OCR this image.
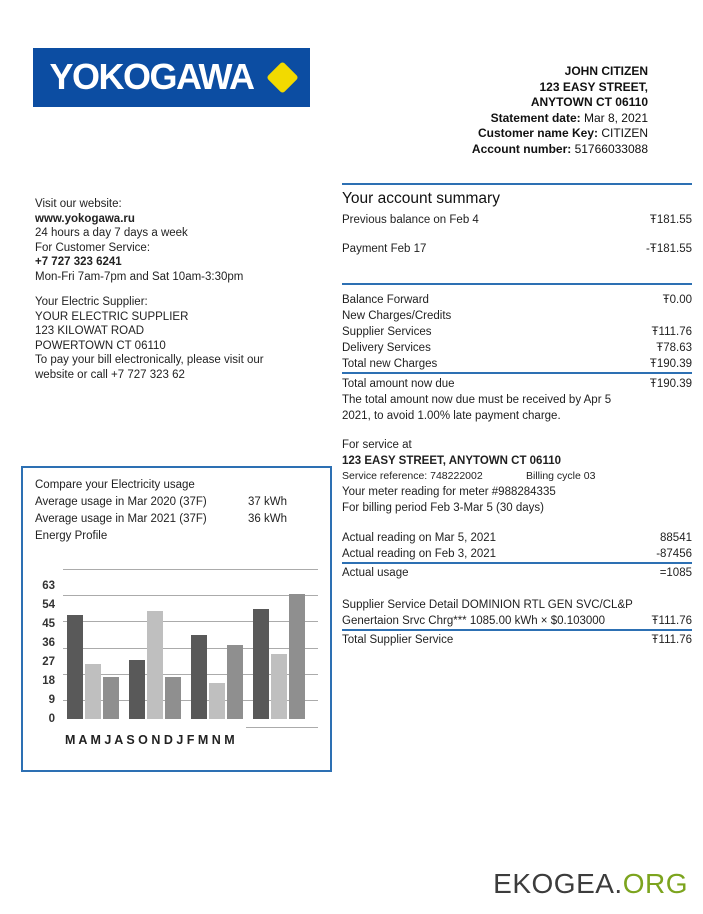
YOKOGAWA	JOHN CITIZEN
123 EASY STREET,
ANYTOWN CT 06110
Statement date: Mar 8, 2021
Customer name Key: CITIZEN
Account number: 51766033088
Visit our website:
www.yokogawa.ru
24 hours a day 7 days a week
For Customer Service:
+7 727 323 6241
Mon-Fri 7am-7pm and Sat 10am-3:30pm
Your Electric Supplier:
YOUR ELECTRIC SUPPLIER
123 KILOWAT ROAD
POWERTOWN CT 06110
To pay your bill electronically, please visit our
website or call +7 727 323 62
Your account summary
Previous balance on Feb 4	Ŧ181.55
Payment Feb 17	-Ŧ181.55
Balance Forward	Ŧ0.00
New Charges/Credits
Supplier Services	Ŧ111.76
Delivery Services	Ŧ78.63
Total new Charges	Ŧ190.39
Total amount now due	Ŧ190.39
The total amount now due must be received by Apr 5
2021, to avoid 1.00% late payment charge.
For service at
123 EASY STREET, ANYTOWN CT 06110
Service reference: 748222002	Billing cycle 03
Your meter reading for meter #988284335
For billing period Feb 3-Mar 5 (30 days)
Actual reading on Mar 5, 2021	88541
Actual reading on Feb 3, 2021	-87456
Actual usage	=1085
Supplier Service Detail DOMINION RTL GEN SVC/CL&P
Genertaion Srvc Chrg*** 1085.00 kWh × $0.103000	Ŧ111.76
Total Supplier Service	Ŧ111.76
Compare your Electricity usage
Average usage in Mar 2020 (37F)	37 kWh
Average usage in Mar 2021 (37F)	36 kWh
Energy Profile
63
54
45
36
27
18
9
0
M A M J A S O N D J F M N M
EKOGEA.ORG
